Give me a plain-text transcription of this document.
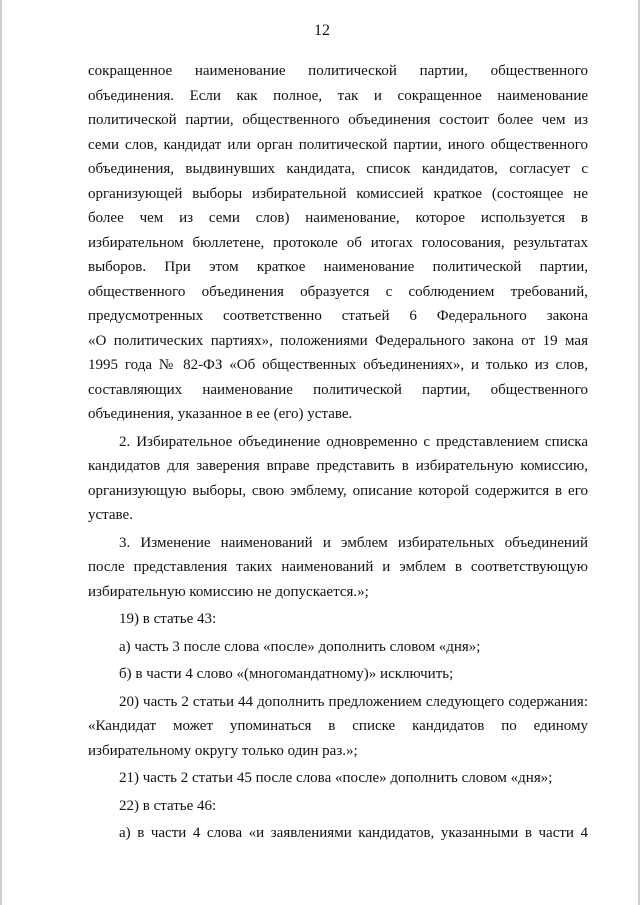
12
сокращенное наименование политической партии, общественного
объединения. Если как полное, так и сокращенное наименование
политической партии, общественного объединения состоит более чем из
семи слов, кандидат или орган политической партии, иного общественного
объединения, выдвинувших кандидата, список кандидатов, согласует с
организующей выборы избирательной комиссией краткое (состоящее не
более чем из семи слов) наименование, которое используется в
избирательном бюллетене, протоколе об итогах голосования, результатах
выборов. При этом краткое наименование политической партии,
общественного объединения образуется с соблюдением требований,
предусмотренных соответственно статьей 6 Федерального закона
«О политических партиях», положениями Федерального закона от 19 мая
1995 года № 82-ФЗ «Об общественных объединениях», и только из слов,
составляющих наименование политической партии, общественного
объединения, указанное в ее (его) уставе.
2. Избирательное объединение одновременно с представлением списка
кандидатов для заверения вправе представить в избирательную комиссию,
организующую выборы, свою эмблему, описание которой содержится в его
уставе.
3. Изменение наименований и эмблем избирательных объединений
после представления таких наименований и эмблем в соответствующую
избирательную комиссию не допускается.»;
19) в статье 43:
а) часть 3 после слова «после» дополнить словом «дня»;
б) в части 4 слово «(многомандатному)» исключить;
20) часть 2 статьи 44 дополнить предложением следующего содержания:
«Кандидат может упоминаться в списке кандидатов по единому
избирательному округу только один раз.»;
21) часть 2 статьи 45 после слова «после» дополнить словом «дня»;
22) в статье 46:
а) в части 4 слова «и заявлениями кандидатов, указанными в части 4
